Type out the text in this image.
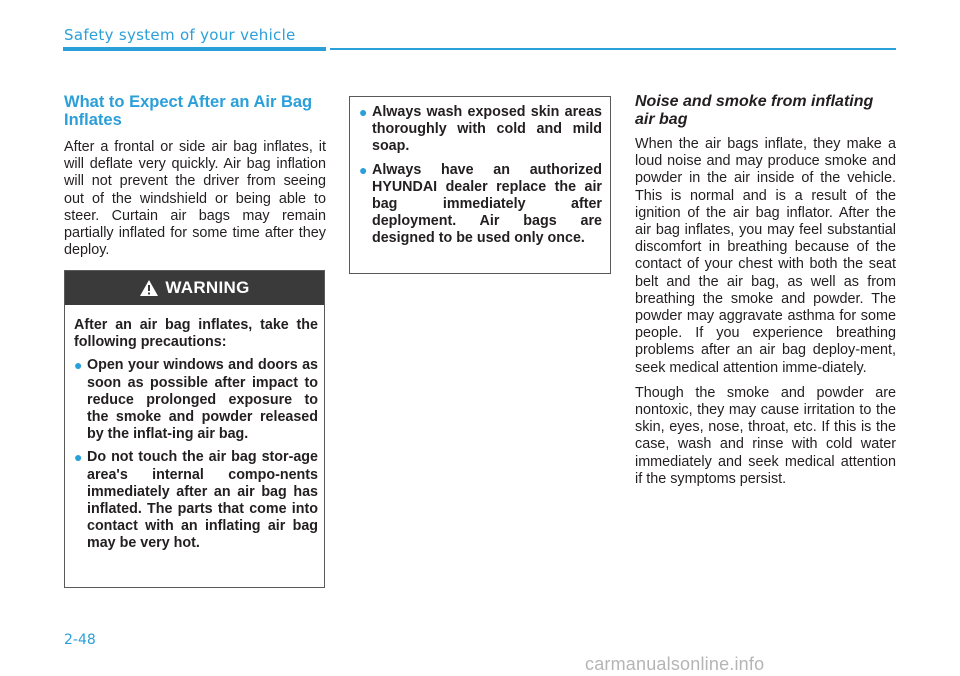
Safety system of your vehicle
What to Expect After an Air Bag Inflates

After a frontal or side air bag inflates, it will deflate very quickly. Air bag inflation will not prevent the driver from seeing out of the windshield or being able to steer. Curtain air bags may remain partially inflated for some time after they deploy.

WARNING

After an air bag inflates, take the following precautions:

● Open your windows and doors as soon as possible after impact to reduce prolonged exposure to the smoke and powder released by the inflat-ing air bag.
● Do not touch the air bag stor-age area's internal compo-nents immediately after an air bag has inflated. The parts that come into contact with an inflating air bag may be very hot.
● Always wash exposed skin areas thoroughly with cold and mild soap.
● Always have an authorized HYUNDAI dealer replace the air bag immediately after deployment. Air bags are designed to be used only once.
Noise and smoke from inflating air bag

When the air bags inflate, they make a loud noise and may produce smoke and powder in the air inside of the vehicle. This is normal and is a result of the ignition of the air bag inflator. After the air bag inflates, you may feel substantial discomfort in breathing because of the contact of your chest with both the seat belt and the air bag, as well as from breathing the smoke and powder. The powder may aggravate asthma for some people. If you experience breathing problems after an air bag deploy-ment, seek medical attention imme-diately.

Though the smoke and powder are nontoxic, they may cause irritation to the skin, eyes, nose, throat, etc. If this is the case, wash and rinse with cold water immediately and seek medical attention if the symptoms persist.

2-48
carmanualsonline.info
